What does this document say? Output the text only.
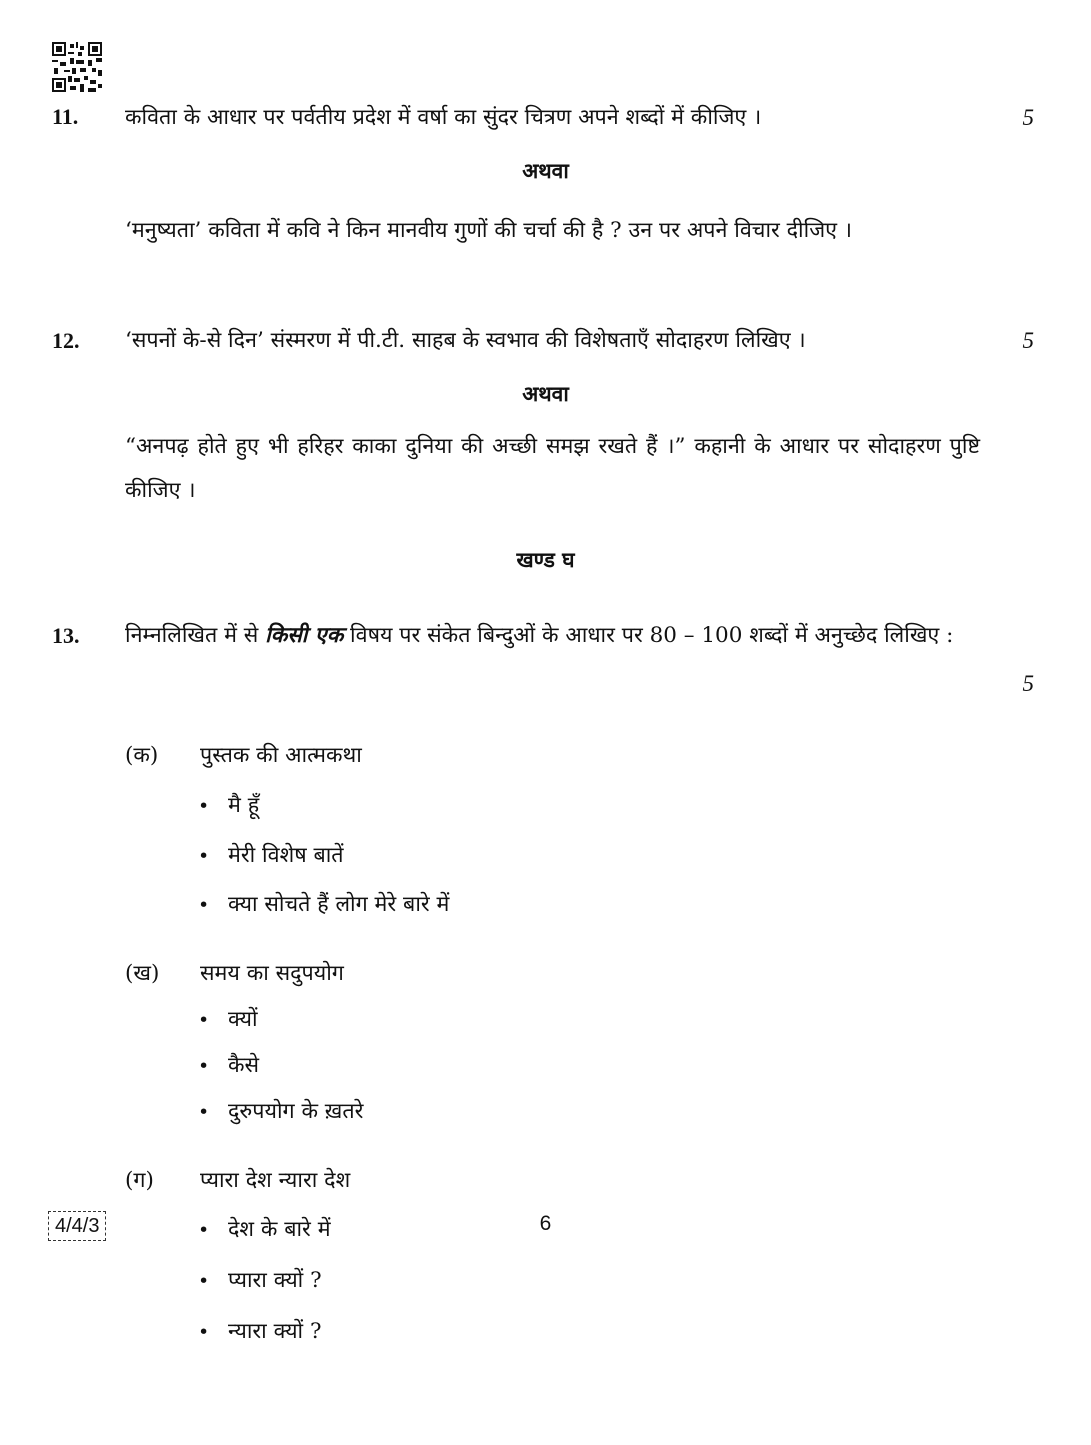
11. कविता के आधार पर पर्वतीय प्रदेश में वर्षा का सुंदर चित्रण अपने शब्दों में कीजिए ।	5
अथवा
‘मनुष्यता’ कविता में कवि ने किन मानवीय गुणों की चर्चा की है ? उन पर अपने विचार दीजिए ।
12. ‘सपनों के-से दिन’ संस्मरण में पी.टी. साहब के स्वभाव की विशेषताएँ सोदाहरण लिखिए ।	5
अथवा
“अनपढ़ होते हुए भी हरिहर काका दुनिया की अच्छी समझ रखते हैं ।” कहानी के आधार पर सोदाहरण पुष्टि कीजिए ।
खण्ड घ
13. निम्नलिखित में से किसी एक विषय पर संकेत बिन्दुओं के आधार पर 80 – 100 शब्दों में अनुच्छेद लिखिए :
5
(क) पुस्तक की आत्मकथा
• मै हूँ
• मेरी विशेष बातें
• क्या सोचते हैं लोग मेरे बारे में
(ख) समय का सदुपयोग
• क्यों
• कैसे
• दुरुपयोग के ख़तरे
(ग) प्यारा देश न्यारा देश
• देश के बारे में
• प्यारा क्यों ?
• न्यारा क्यों ?
4/4/3	6
